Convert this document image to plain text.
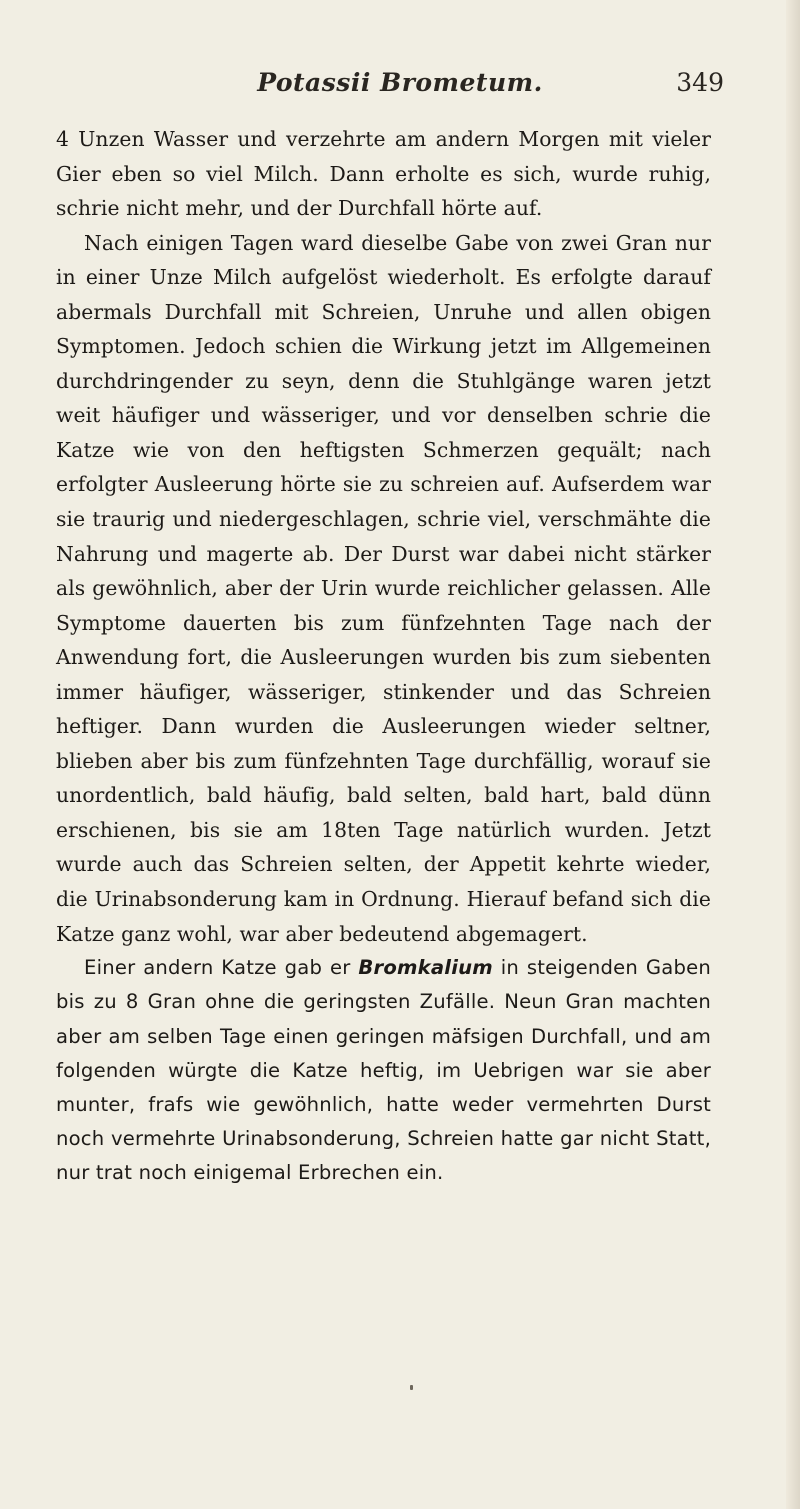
Potassii Brometum.	349

4 Unzen Wasser und verzehrte am andern Morgen mit vieler Gier eben so viel Milch. Dann erholte es sich, wurde ruhig, schrie nicht mehr, und der Durchfall hörte auf.

Nach einigen Tagen ward dieselbe Gabe von zwei Gran nur in einer Unze Milch aufgelöst wiederholt. Es erfolgte darauf abermals Durchfall mit Schreien, Unruhe und allen obigen Symptomen. Jedoch schien die Wirkung jetzt im Allgemeinen durchdringender zu seyn, denn die Stuhlgänge waren jetzt weit häufiger und wässeriger, und vor denselben schrie die Katze wie von den heftigsten Schmerzen gequält; nach erfolgter Ausleerung hörte sie zu schreien auf. Aufserdem war sie traurig und niedergeschlagen, schrie viel, verschmähte die Nahrung und magerte ab. Der Durst war dabei nicht stärker als gewöhnlich, aber der Urin wurde reichlicher gelassen. Alle Symptome dauerten bis zum fünfzehnten Tage nach der Anwendung fort, die Ausleerungen wurden bis zum siebenten immer häufiger, wässeriger, stinkender und das Schreien heftiger. Dann wurden die Ausleerungen wieder seltner, blieben aber bis zum fünfzehnten Tage durchfällig, worauf sie unordentlich, bald häufig, bald selten, bald hart, bald dünn erschienen, bis sie am 18ten Tage natürlich wurden. Jetzt wurde auch das Schreien selten, der Appetit kehrte wieder, die Urinabsonderung kam in Ordnung. Hierauf befand sich die Katze ganz wohl, war aber bedeutend abgemagert.

Einer andern Katze gab er Bromkalium in steigenden Gaben bis zu 8 Gran ohne die geringsten Zufälle. Neun Gran machten aber am selben Tage einen geringen mäfsigen Durchfall, und am folgenden würgte die Katze heftig, im Uebrigen war sie aber munter, frafs wie gewöhnlich, hatte weder vermehrten Durst noch vermehrte Urinabsonderung, Schreien hatte gar nicht Statt, nur trat noch einigemal Erbrechen ein.
